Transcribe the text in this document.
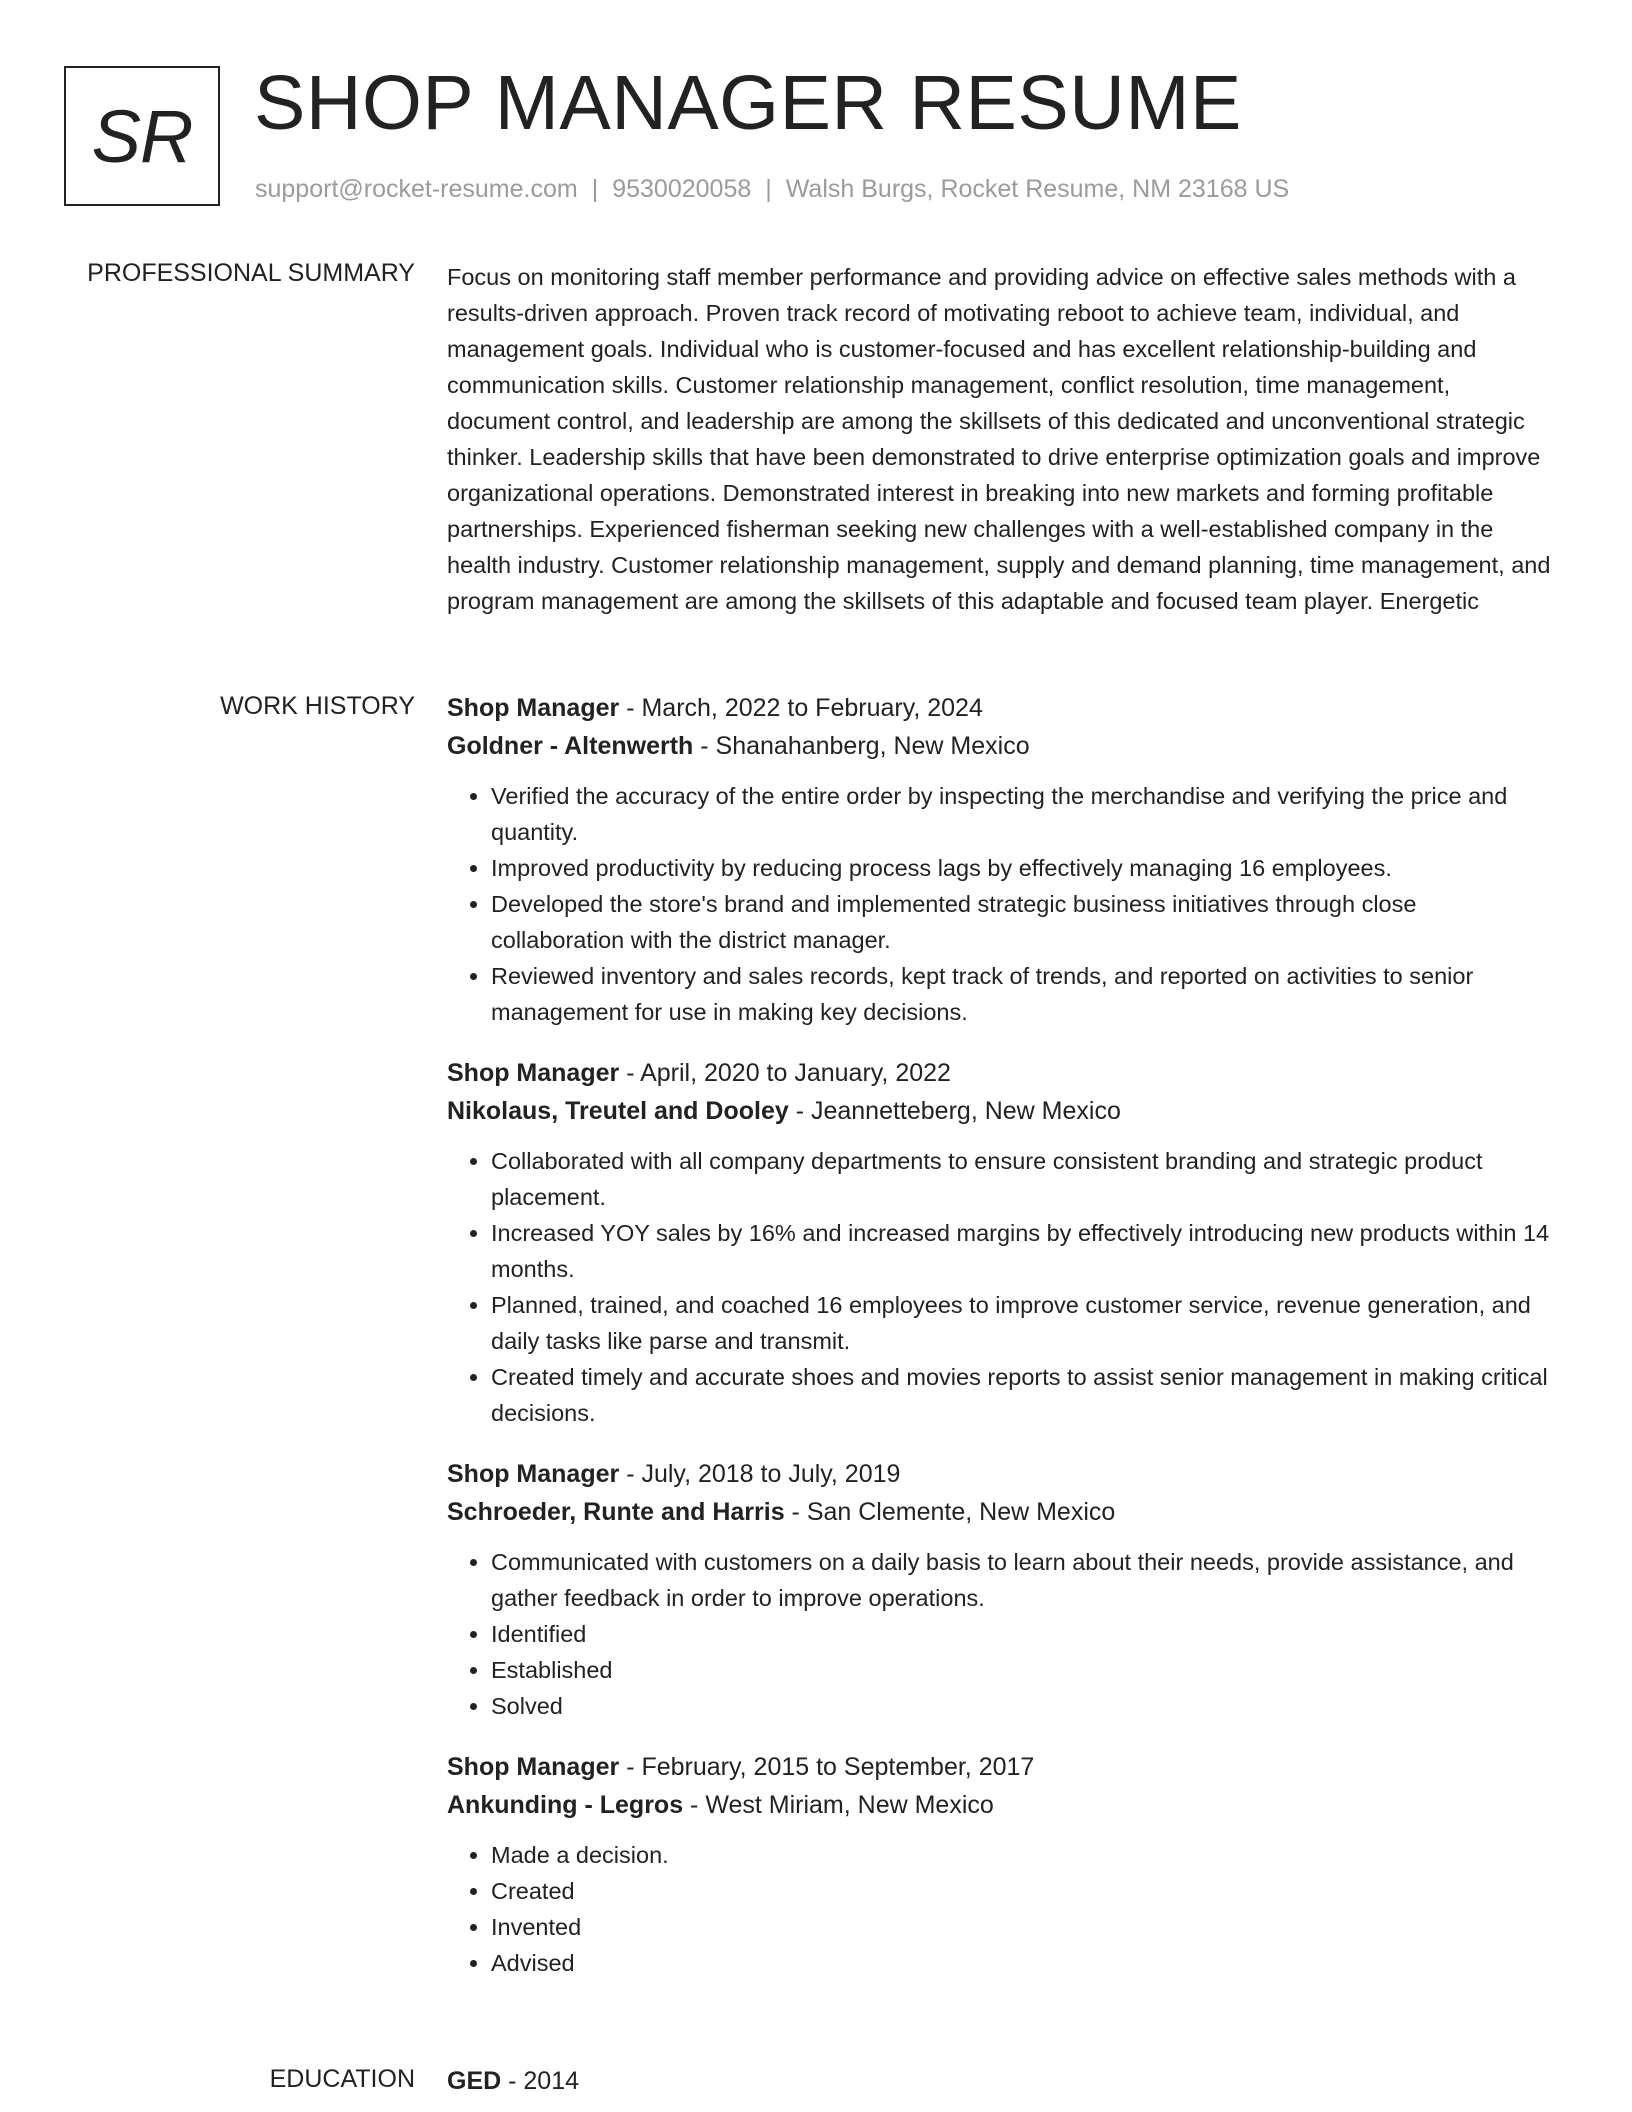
SR SHOP MANAGER RESUME
support@rocket-resume.com | 9530020058 | Walsh Burgs, Rocket Resume, NM 23168 US
PROFESSIONAL SUMMARY Focus on monitoring staff member performance and providing advice on effective sales methods with a results-driven approach. Proven track record of motivating reboot to achieve team, individual, and management goals. Individual who is customer-focused and has excellent relationship-building and communication skills. Customer relationship management, conflict resolution, time management, document control, and leadership are among the skillsets of this dedicated and unconventional strategic thinker. Leadership skills that have been demonstrated to drive enterprise optimization goals and improve organizational operations. Demonstrated interest in breaking into new markets and forming profitable partnerships. Experienced fisherman seeking new challenges with a well-established company in the health industry. Customer relationship management, supply and demand planning, time management, and program management are among the skillsets of this adaptable and focused team player. Energetic

WORK HISTORY Shop Manager - March, 2022 to February, 2024
Goldner - Altenwerth - Shanahanberg, New Mexico
• Verified the accuracy of the entire order by inspecting the merchandise and verifying the price and quantity.
• Improved productivity by reducing process lags by effectively managing 16 employees.
• Developed the store's brand and implemented strategic business initiatives through close collaboration with the district manager.
• Reviewed inventory and sales records, kept track of trends, and reported on activities to senior management for use in making key decisions.
Shop Manager - April, 2020 to January, 2022
Nikolaus, Treutel and Dooley - Jeannetteberg, New Mexico
• Collaborated with all company departments to ensure consistent branding and strategic product placement.
• Increased YOY sales by 16% and increased margins by effectively introducing new products within 14 months.
• Planned, trained, and coached 16 employees to improve customer service, revenue generation, and daily tasks like parse and transmit.
• Created timely and accurate shoes and movies reports to assist senior management in making critical decisions.
Shop Manager - July, 2018 to July, 2019
Schroeder, Runte and Harris - San Clemente, New Mexico
• Communicated with customers on a daily basis to learn about their needs, provide assistance, and gather feedback in order to improve operations.
• Identified
• Established
• Solved
Shop Manager - February, 2015 to September, 2017
Ankunding - Legros - West Miriam, New Mexico
• Made a decision.
• Created
• Invented
• Advised
EDUCATION GED - 2014
